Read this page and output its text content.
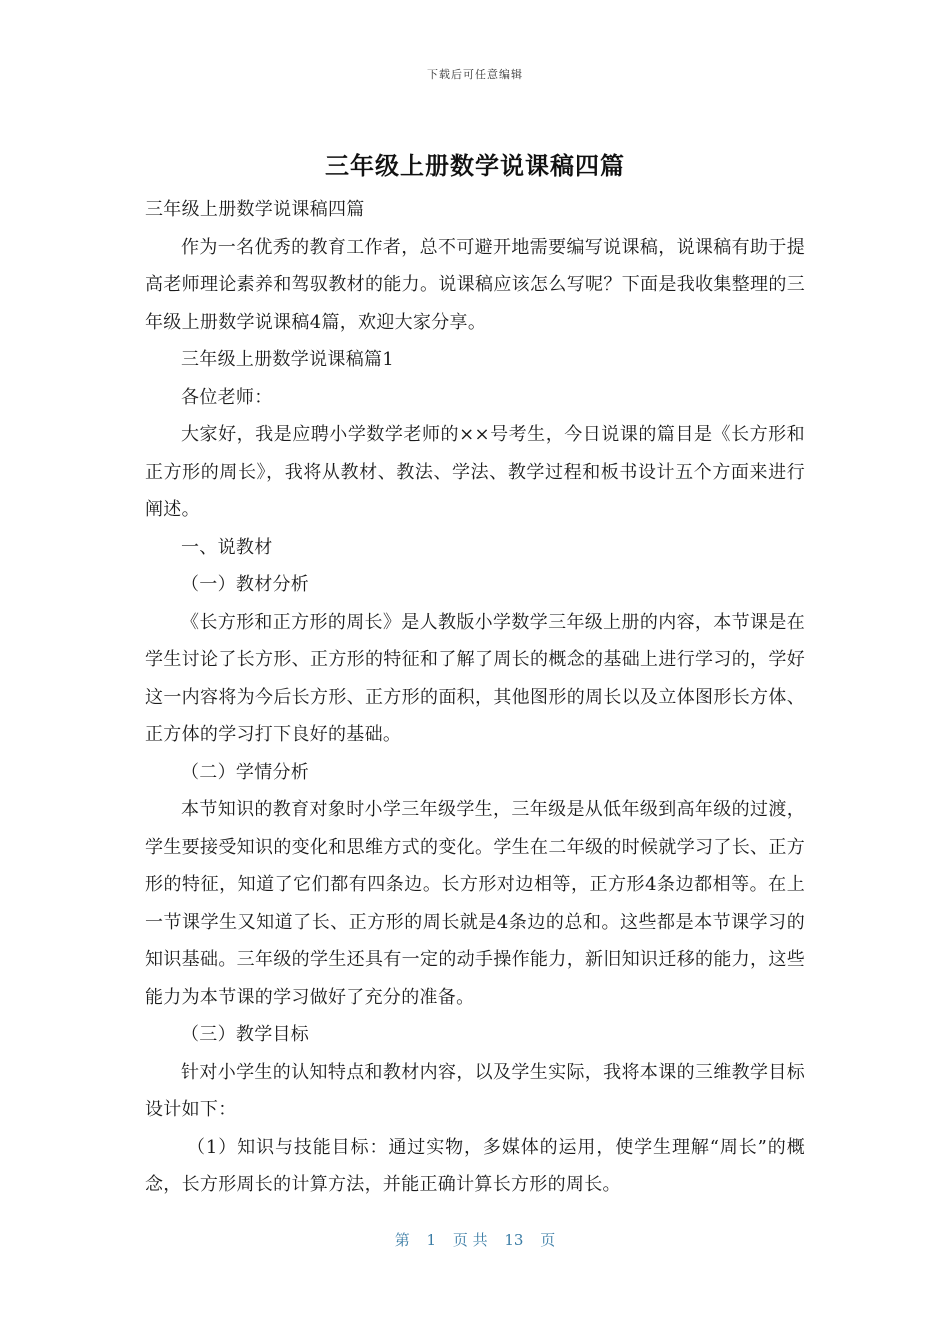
下载后可任意编辑
三年级上册数学说课稿四篇

三年级上册数学说课稿四篇

作为一名优秀的教育工作者，总不可避开地需要编写说课稿，说课稿有助于提高老师理论素养和驾驭教材的能力。说课稿应该怎么写呢？下面是我收集整理的三年级上册数学说课稿4篇，欢迎大家分享。

三年级上册数学说课稿篇1

各位老师：

大家好，我是应聘小学数学老师的××号考生，今日说课的篇目是《长方形和正方形的周长》，我将从教材、教法、学法、教学过程和板书设计五个方面来进行阐述。

一、说教材

（一）教材分析

《长方形和正方形的周长》是人教版小学数学三年级上册的内容，本节课是在学生讨论了长方形、正方形的特征和了解了周长的概念的基础上进行学习的，学好这一内容将为今后长方形、正方形的面积，其他图形的周长以及立体图形长方体、正方体的学习打下良好的基础。

（二）学情分析

本节知识的教育对象时小学三年级学生，三年级是从低年级到高年级的过渡，学生要接受知识的变化和思维方式的变化。学生在二年级的时候就学习了长、正方形的特征，知道了它们都有四条边。长方形对边相等，正方形4条边都相等。在上一节课学生又知道了长、正方形的周长就是4条边的总和。这些都是本节课学习的知识基础。三年级的学生还具有一定的动手操作能力，新旧知识迁移的能力，这些能力为本节课的学习做好了充分的准备。

（三）教学目标

针对小学生的认知特点和教材内容，以及学生实际，我将本课的三维教学目标设计如下：

（1）知识与技能目标：通过实物，多媒体的运用，使学生理解“周长”的概念，长方形周长的计算方法，并能正确计算长方形的周长。

第 1 页 共 13 页
